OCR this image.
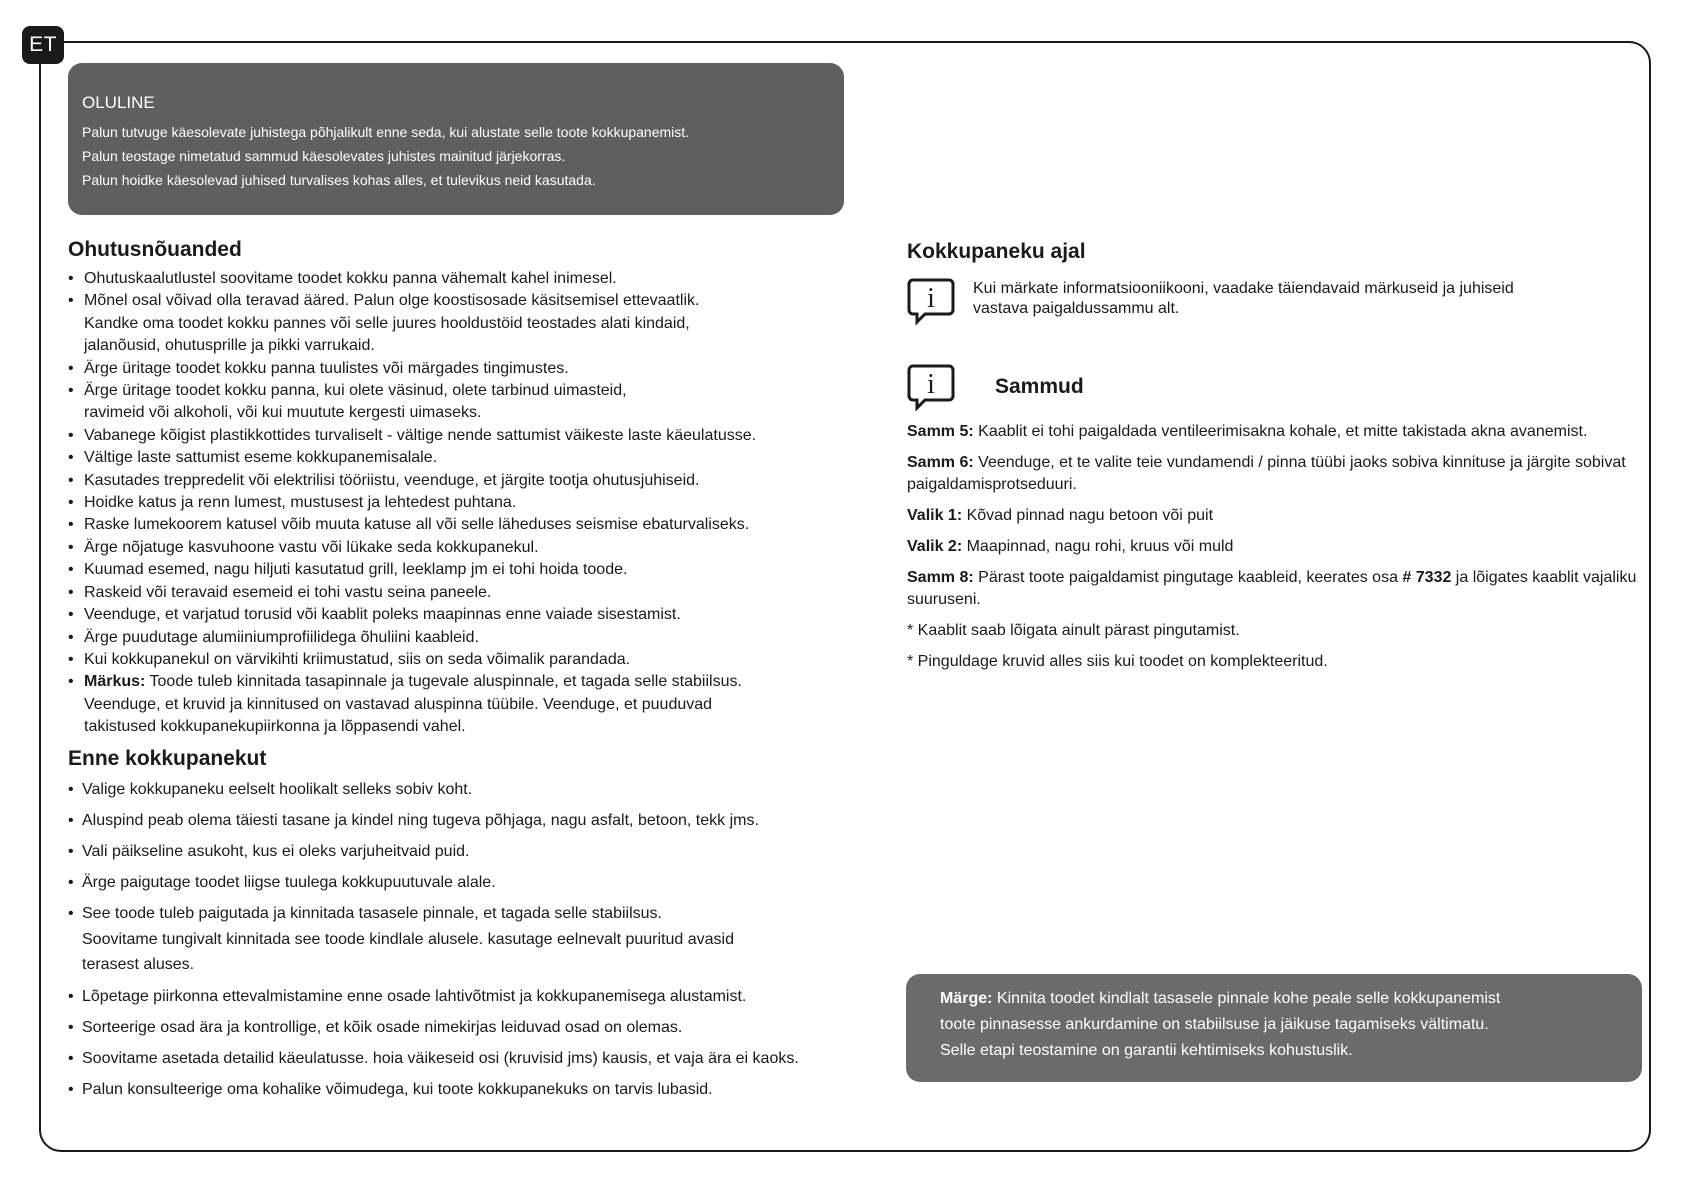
ET
OLULINE
Palun tutvuge käesolevate juhistega põhjalikult enne seda, kui alustate selle toote kokkupanemist.
Palun teostage nimetatud sammud käesolevates juhistes mainitud järjekorras.
Palun hoidke käesolevad juhised turvalises kohas alles, et tulevikus neid kasutada.
Ohutusnõuanded
• Ohutuskaalutlustel soovitame toodet kokku panna vähemalt kahel inimesel.
• Mõnel osal võivad olla teravad ääred. Palun olge koostisosade käsitsemisel ettevaatlik.
Kandke oma toodet kokku pannes või selle juures hooldustöid teostades alati kindaid,
jalanõusid, ohutusprille ja pikki varrukaid.
• Ärge üritage toodet kokku panna tuulistes või märgades tingimustes.
• Ärge üritage toodet kokku panna, kui olete väsinud, olete tarbinud uimasteid,
ravimeid või alkoholi, või kui muutute kergesti uimaseks.
• Vabanege kõigist plastikkottides turvaliselt - vältige nende sattumist väikeste laste käeulatusse.
• Vältige laste sattumist eseme kokkupanemisalale.
• Kasutades treppredelit või elektrilisi tööriistu, veenduge, et järgite tootja ohutusjuhiseid.
• Hoidke katus ja renn lumest, mustusest ja lehtedest puhtana.
• Raske lumekoorem katusel võib muuta katuse all või selle läheduses seismise ebaturvaliseks.
• Ärge nõjatuge kasvuhoone vastu või lükake seda kokkupanekul.
• Kuumad esemed, nagu hiljuti kasutatud grill, leeklamp jm ei tohi hoida toode.
• Raskeid või teravaid esemeid ei tohi vastu seina paneele.
• Veenduge, et varjatud torusid või kaablit poleks maapinnas enne vaiade sisestamist.
• Ärge puudutage alumiiniumprofiilidega õhuliini kaableid.
• Kui kokkupanekul on värvikihti kriimustatud, siis on seda võimalik parandada.
• Märkus: Toode tuleb kinnitada tasapinnale ja tugevale aluspinnale, et tagada selle stabiilsus.
Veenduge, et kruvid ja kinnitused on vastavad aluspinna tüübile. Veenduge, et puuduvad
takistused kokkupanekupiirkonna ja lõppasendi vahel.
Enne kokkupanekut
• Valige kokkupaneku eelselt hoolikalt selleks sobiv koht.
• Aluspind peab olema täiesti tasane ja kindel ning tugeva põhjaga, nagu asfalt, betoon, tekk jms.
• Vali päikseline asukoht, kus ei oleks varjuheitvaid puid.
• Ärge paigutage toodet liigse tuulega kokkupuutuvale alale.
• See toode tuleb paigutada ja kinnitada tasasele pinnale, et tagada selle stabiilsus.
Soovitame tungivalt kinnitada see toode kindlale alusele. kasutage eelnevalt puuritud avasid
terasest aluses.
• Lõpetage piirkonna ettevalmistamine enne osade lahtivõtmist ja kokkupanemisega alustamist.
• Sorteerige osad ära ja kontrollige, et kõik osade nimekirjas leiduvad osad on olemas.
• Soovitame asetada detailid käeulatusse. hoia väikeseid osi (kruvisid jms) kausis, et vaja ära ei kaoks.
• Palun konsulteerige oma kohalike võimudega, kui toote kokkupanekuks on tarvis lubasid.
Kokkupaneku ajal
i Kui märkate informatsiooniikooni, vaadake täiendavaid märkuseid ja juhiseid
vastava paigaldussammu alt.
i	Sammud
Samm 5: Kaablit ei tohi paigaldada ventileerimisakna kohale, et mitte takistada akna avanemist.
Samm 6: Veenduge, et te valite teie vundamendi / pinna tüübi jaoks sobiva kinnituse ja järgite sobivat paigaldamisprotseduuri.
Valik 1: Kõvad pinnad nagu betoon või puit
Valik 2: Maapinnad, nagu rohi, kruus või muld
Samm 8: Pärast toote paigaldamist pingutage kaableid, keerates osa # 7332 ja lõigates kaablit vajaliku suuruseni.
* Kaablit saab lõigata ainult pärast pingutamist.
* Pinguldage kruvid alles siis kui toodet on komplekteeritud.
Märge: Kinnita toodet kindlalt tasasele pinnale kohe peale selle kokkupanemist
toote pinnasesse ankurdamine on stabiilsuse ja jäikuse tagamiseks vältimatu.
Selle etapi teostamine on garantii kehtimiseks kohustuslik.
